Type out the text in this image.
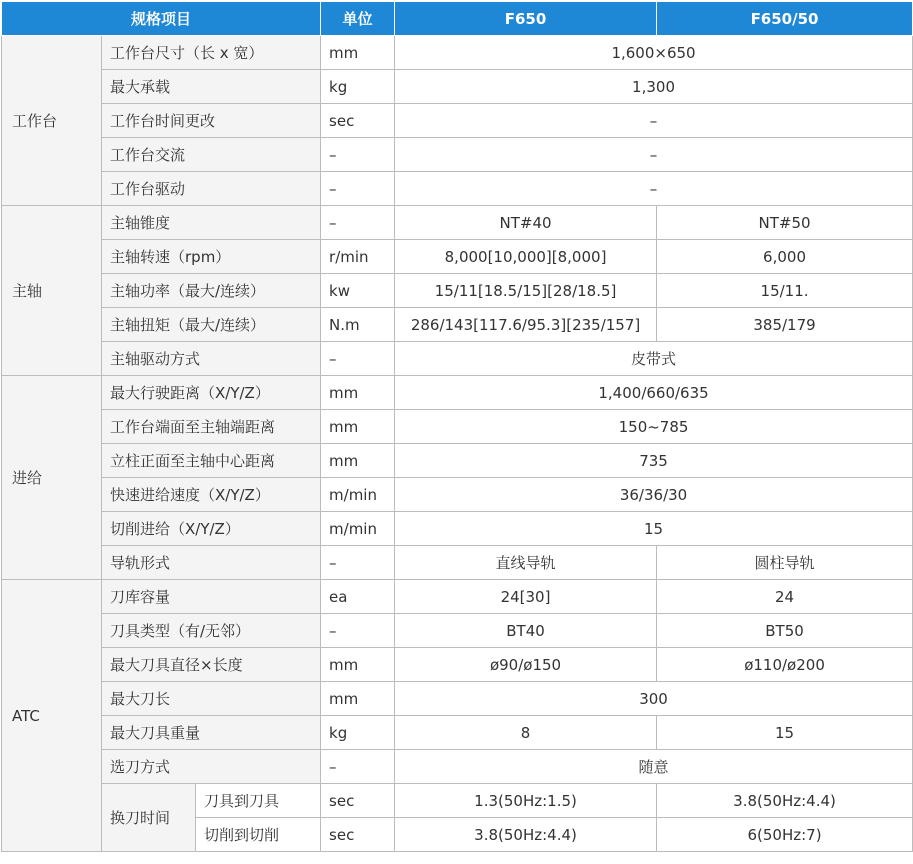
规格项目			单位	F650	F650/50
工作台	工作台尺寸（长 x 宽）		mm	1,600×650	
	最大承载		kg	1,300	
	工作台时间更改		sec	–	
	工作台交流		–	–	
	工作台驱动		–	–	
主轴	主轴锥度		–	NT#40	NT#50
	主轴转速（rpm）		r/min	8,000[10,000][8,000]	6,000
	主轴功率（最大/连续）		kw	15/11[18.5/15][28/18.5]	15/11.
	主轴扭矩（最大/连续）		N.m	286/143[117.6/95.3][235/157]	385/179
	主轴驱动方式		–	皮带式	
进给	最大行驶距离（X/Y/Z）		mm	1,400/660/635	
	工作台端面至主轴端距离		mm	150~785	
	立柱正面至主轴中心距离		mm	735	
	快速进给速度（X/Y/Z）		m/min	36/36/30	
	切削进给（X/Y/Z）		m/min	15	
	导轨形式		–	直线导轨	圆柱导轨
ATC	刀库容量		ea	24[30]	24
	刀具类型（有/无邻）		–	BT40	BT50
	最大刀具直径×长度		mm	ø90/ø150	ø110/ø200
	最大刀长		mm	300	
	最大刀具重量		kg	8	15
	选刀方式		–	随意	
	换刀时间	刀具到刀具	sec	1.3(50Hz:1.5)	3.8(50Hz:4.4)
		切削到切削	sec	3.8(50Hz:4.4)	6(50Hz:7)
